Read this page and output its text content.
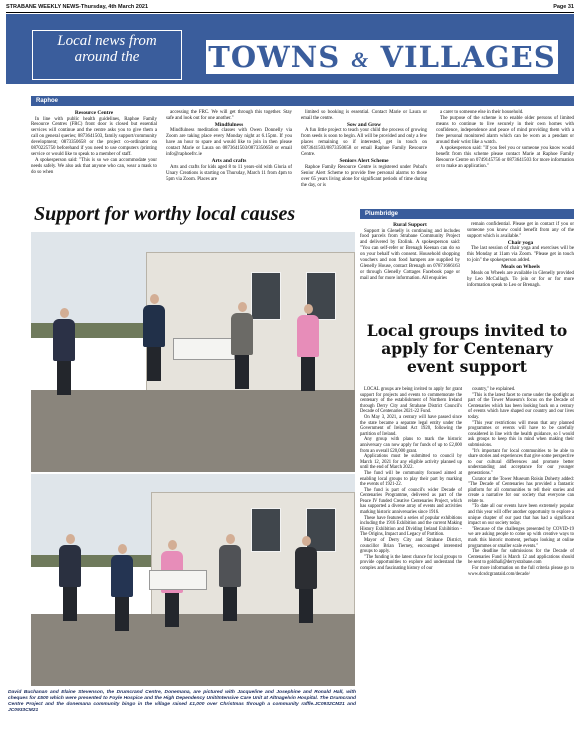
STRABANE WEEKLY NEWS-Thursday, 4th March 2021	Page 31
Local news from
around the	TOWNS & VILLAGES
Raphoe
Resource Centre

In line with public health guidelines, Raphoe Family Resource Centres (FRC) front door is closed but essential services will continue and the centre asks you to give them a call on general queries; 0873641503, family support/community development; 0873350658 or the project co-ordinator on 0870225750 beforehand if you need to use computers /printing service or would like to speak to a member of staff.

A spokesperson said: "This is so we can accommodate your needs safely. We also ask that anyone who can, wear a mask to do so when

accessing the FRC. We will get through this together. Stay safe and look out for one another."

Mindfulness

Mindfulness meditation classes with Owen Donnelly via Zoom are taking place every Monday night at 6.15pm. If you have an hour to spare and would like to join in then please contact Marie or Laura on 0873641503/0873350658 or email info@raphoefrc.ie

Arts and crafts

Arts and crafts for kids aged 8 to 11 years-old with Gloria of Unary Creations is starting on Thursday, March 11 from 4pm to 5pm via Zoom. Places are

limited so booking is essential. Contact Marie or Laura or email the centre.

Sow and Grow

A fun little project to teach your child the process of growing from seeds is soon to begin. All will be provided and only a few places remaining so if interested, get in touch on 0873641503/0873350658 or email Raphoe Family Resource Centre.

Seniors Alert Scheme

Raphoe Family Resource Centre is registered under Pobal's Senior Alert Scheme to provide free personal alarms to those over 65 years living alone for significant periods of time during the day, or is

a carer to someone else in their household.

The purpose of the scheme is to enable older persons of limited means to continue to live securely in their own homes with confidence, independence and peace of mind providing them with a free personal monitored alarm which can be worn as a pendant or around their wrist like a watch.

A spokesperson said: "If you feel you or someone you know would benefit from this scheme please contact Marie at Raphoe Family Resource Centre on 0749145756 or 0873641503 for more information or to make an application."

Support for worthy local causes	Plumbridge
Rural Support

Support in Glenelly is continuing and includes food parcels from Strabane Community Project and delivered by Etolink. A spokesperson said: "You can self-refer or Brenagh Keenan can do so on your behalf with consent. Household shopping vouchers and non food hampers are supplied by Glenelly House, contact Brenagh on 07871666163 or through Glenelly Cottages Facebook page or mail and for more information. All enquiries

remain confidential. Please get in contact if you or someone you know could benefit from any of the support which is available."

Chair yoga

The last session of chair yoga and exercises will be this Monday at 11am via Zoom. "Please get in touch to join" the spokesperson added.

Meals on Wheels

Meals on Wheels are available in Glenelly provided by Leo McCullagh. To join or for or for more information speak to Leo or Brenagh.

Local groups invited to apply for Centenary event support

LOCAL groups are being invited to apply for grant support for projects and events to commemorate the centenary of the establishment of Northern Ireland through Derry City and Strabane District Council's Decade of Centenaries 2021-22 Fund.

On May 3, 2021, a century will have passed since the state became a separate legal entity under the Government of Ireland Act 1920, following the partition of Ireland.

Any group with plans to mark the historic anniversary can now apply for funds of up to £2,000 from an overall £20,000 grant.

Applications must be submitted to council by March 12, 2021 for any eligible activity planned up until the end of March 2022.

The fund will be community focused aimed at enabling local groups to play their part by marking the events of 1921-22.

The fund is part of council's wider Decade of Centenaries Programme, delivered as part of the Peace IV funded Creative Centenaries Project, which has supported a diverse array of events and activities marking historic anniversaries since 1916.

These have featured a series of popular exhibitions including the 1916 Exhibition and the current Making History Exhibition and Dividing Ireland Exhibition - The Origins, Impact and Legacy of Partition.

Mayor of Derry City and Strabane District, councillor Brian Tierney, encouraged interested groups to apply.

"The funding is the latest chance for local groups to provide opportunities to explore and understand the complex and fascinating history of our

country," he explained.

"This is the latest facet to come under the spotlight as part of the Tower Museum's focus on the Decade of Centenaries which has been looking back on a century of events which have shaped our country and our lives today.

"This year restrictions will mean that any planned programmes or events will have to be carefully considered in line with the health guidance, so I would ask groups to keep this in mind when making their submissions.

"It's important for local communities to be able to share stories and experiences that give some perspective to our cultural differences and promote better understanding and acceptance for our younger generations."

Curator at the Tower Museum Roisin Doherty added: "The Decade of Centenaries has provided a fantastic platform for all communities to tell their stories and create a narrative for our society that everyone can relate to.

"To date all our events have been extremely popular and this year will offer another opportunity to explore a unique chapter of our past that has had a significant impact on our society today.

"Because of the challenges presented by COVID-19 we are asking people to come up with creative ways to mark this historic moment, perhaps looking at online programmes or smaller scale events."

The deadline for submissions for the Decade of Centenaries Fund is March 12 and applications should be sent to goldhall@derrystrabane.com

For more information on the full criteria please go to www.dcsdcgrantaid.com/decade/

David Buchanan and Elaine Stevenson, the Drumcrand Centre, Donemana, are pictured with Jacqueline and Josephine and Ronald Hall, with cheques for £500 which were presented to Foyle Hospice and the High Dependency Unit/Intensive Care Unit at Altnagelvin Hospital. The Drumcrand Centre Project and the donemana community bingo in the village raised £1,000 over Christmas through a community raffle.JC0932CM21 and JC0933CM21
